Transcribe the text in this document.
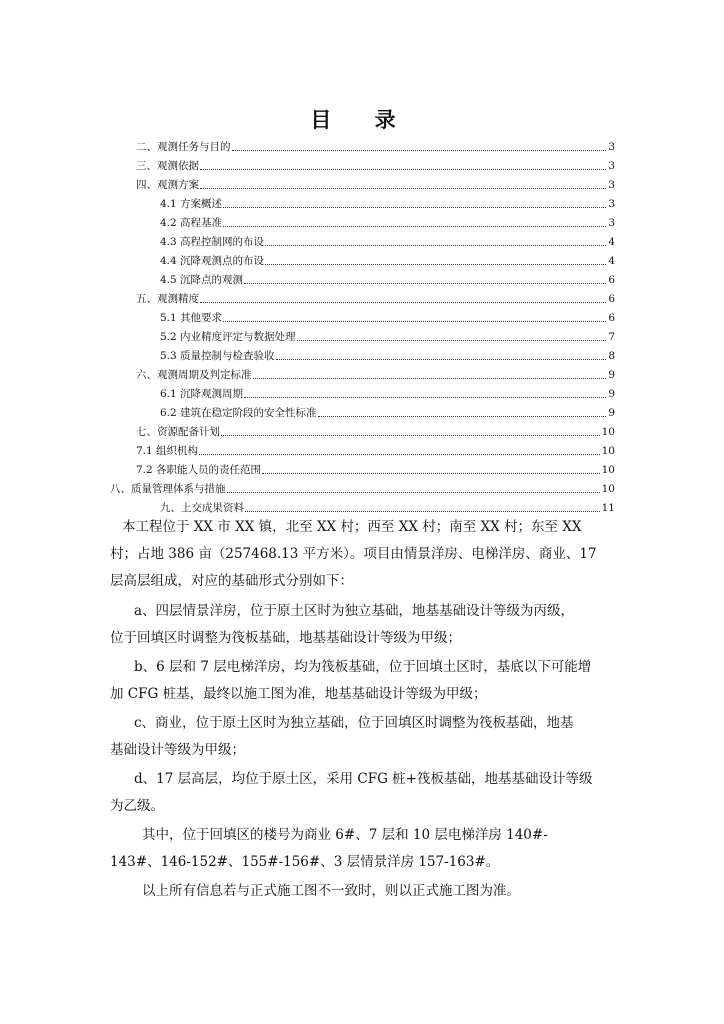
目 录
二、观测任务与目的	3
三、观测依据	3
四、观测方案	3
4.1 方案概述	3
4.2 高程基准	3
4.3 高程控制网的布设	4
4.4 沉降观测点的布设	4
4.5 沉降点的观测	6
五、观测精度	6
5.1 其他要求	6
5.2 内业精度评定与数据处理	7
5.3 质量控制与检查验收	8
六、观测周期及判定标准	9
6.1 沉降观测周期	9
6.2 建筑在稳定阶段的安全性标准	9
七、资源配备计划	10
7.1 组织机构	10
7.2 各职能人员的责任范围	10
八、质量管理体系与措施	10
九、上交成果资料	11
本工程位于 XX 市 XX 镇，北至 XX 村；西至 XX 村；南至 XX 村；东至 XX
村；占地 386 亩（257468.13 平方米）。项目由情景洋房、电梯洋房、商业、17
层高层组成，对应的基础形式分别如下：
a、四层情景洋房，位于原土区时为独立基础，地基基础设计等级为丙级，
位于回填区时调整为筏板基础，地基基础设计等级为甲级；
b、6 层和 7 层电梯洋房，均为筏板基础，位于回填土区时，基底以下可能增
加 CFG 桩基，最终以施工图为准，地基基础设计等级为甲级；
c、商业，位于原土区时为独立基础，位于回填区时调整为筏板基础，地基
基础设计等级为甲级；
d、17 层高层，均位于原土区，采用 CFG 桩+筏板基础，地基基础设计等级
为乙级。
其中，位于回填区的楼号为商业 6#、7 层和 10 层电梯洋房 140#-
143#、146-152#、155#-156#、3 层情景洋房 157-163#。
以上所有信息若与正式施工图不一致时，则以正式施工图为准。
